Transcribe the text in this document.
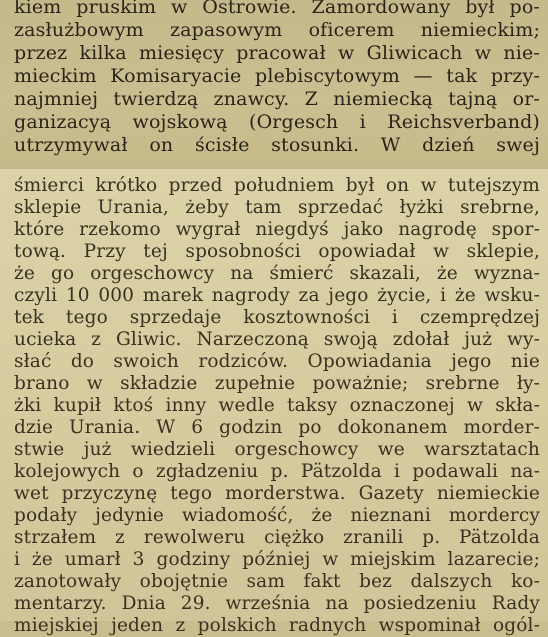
kiem pruskim w Ostrowie. Zamordowany był po-
zasłużbowym zapasowym oficerem niemieckim;
przez kilka miesięcy pracował w Gliwicach w nie-
mieckim Komisaryacie plebiscytowym — tak przy-
najmniej twierdzą znawcy. Z niemiecką tajną or-
ganizacyą wojskową (Orgesch i Reichsverband)
utrzymywał on ścisłe stosunki. W dzień swej
śmierci krótko przed południem był on w tutejszym
sklepie Urania, żeby tam sprzedać łyżki srebrne,
które rzekomo wygrał niegdyś jako nagrodę spor-
tową. Przy tej sposobności opowiadał w sklepie,
że go orgeschowcy na śmierć skazali, że wyzna-
czyli 10 000 marek nagrody za jego życie, i że wsku-
tek tego sprzedaje kosztowności i czemprędzej
ucieka z Gliwic. Narzeczoną swoją zdołał już wy-
słać do swoich rodziców. Opowiadania jego nie
brano w składzie zupełnie poważnie; srebrne ły-
żki kupił ktoś inny wedle taksy oznaczonej w skła-
dzie Urania. W 6 godzin po dokonanem morder-
stwie już wiedzieli orgeschowcy we warsztatach
kolejowych o zgładzeniu p. Pätzolda i podawali na-
wet przyczynę tego morderstwa. Gazety niemieckie
podały jedynie wiadomość, że nieznani mordercy
strzałem z rewolweru ciężko zranili p. Pätzolda
i że umarł 3 godziny później w miejskim lazarecie;
zanotowały obojętnie sam fakt bez dalszych ko-
mentarzy. Dnia 29. września na posiedzeniu Rady
miejskiej jeden z polskich radnych wspominał ogól-
